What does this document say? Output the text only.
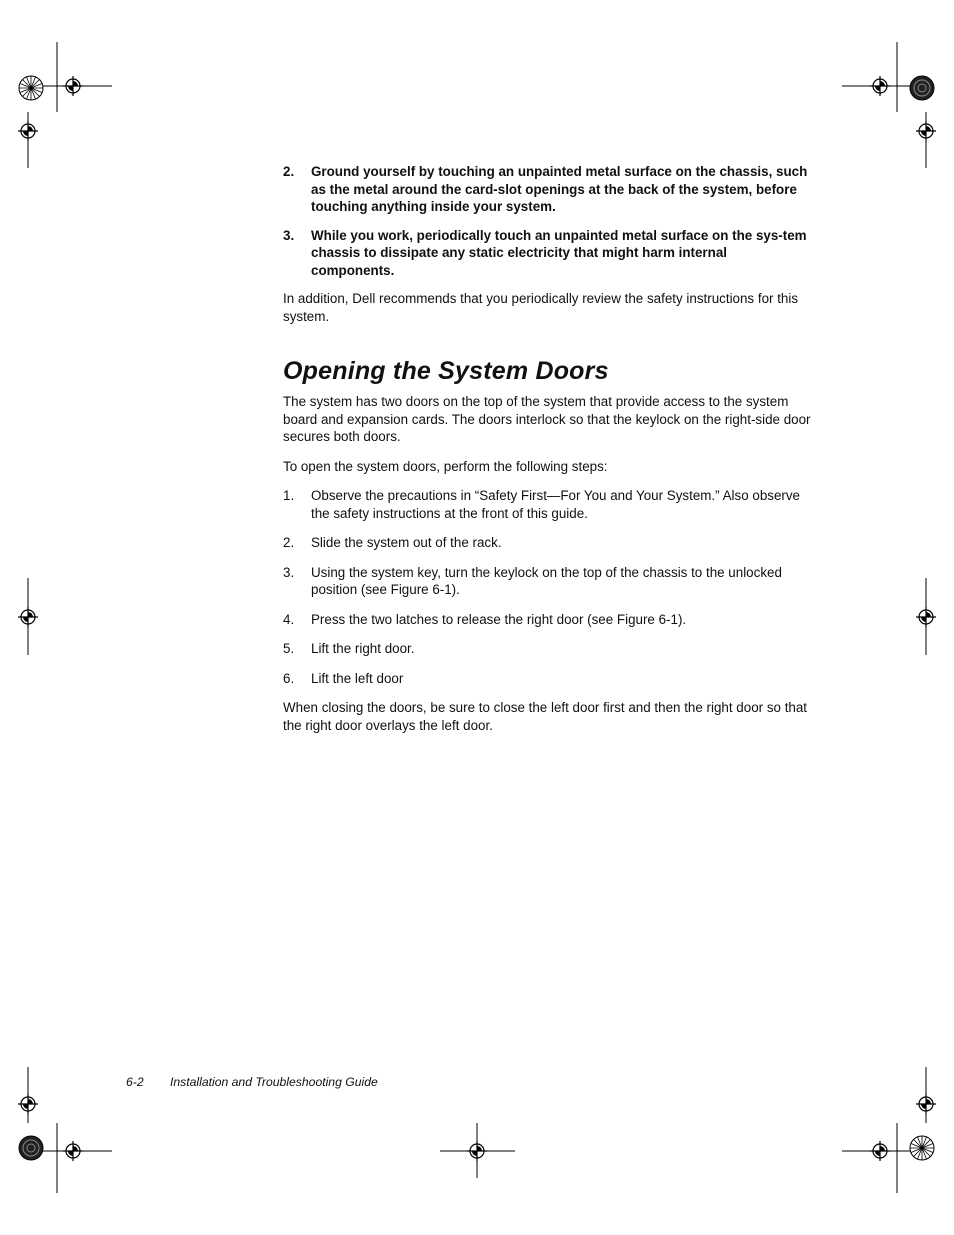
2.	Ground yourself by touching an unpainted metal surface on the chassis, such as the metal around the card-slot openings at the back of the system, before touching anything inside your system.
3.	While you work, periodically touch an unpainted metal surface on the sys-tem chassis to dissipate any static electricity that might harm internal components.

In addition, Dell recommends that you periodically review the safety instructions for this system.

Opening the System Doors

The system has two doors on the top of the system that provide access to the system board and expansion cards. The doors interlock so that the keylock on the right-side door secures both doors.

To open the system doors, perform the following steps:

1.	Observe the precautions in “Safety First—For You and Your System.” Also observe the safety instructions at the front of this guide.
2.	Slide the system out of the rack.
3.	Using the system key, turn the keylock on the top of the chassis to the unlocked position (see Figure 6-1).
4.	Press the two latches to release the right door (see Figure 6-1).
5.	Lift the right door.
6.	Lift the left door

When closing the doors, be sure to close the left door first and then the right door so that the right door overlays the left door.

6-2 Installation and Troubleshooting Guide
